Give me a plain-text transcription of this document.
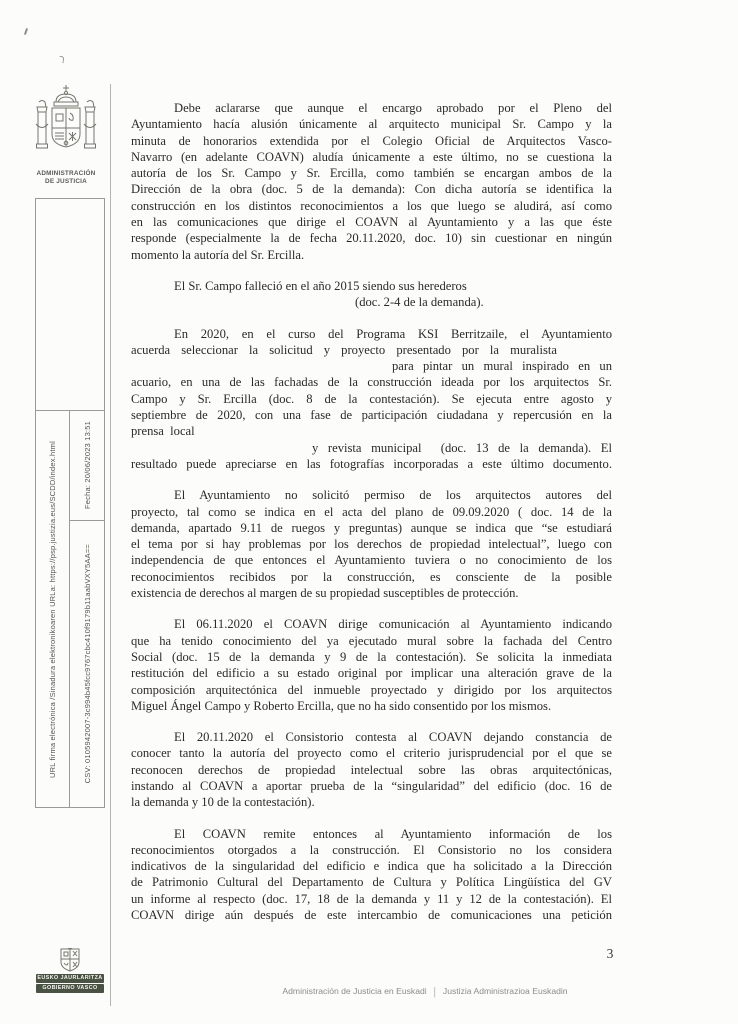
ADMINISTRACIÓN
DE JUSTICIA
URL firma electrónica /Sinadura elektronikoaren URLa: https://psp.justizia.eus/SCDD/index.html	Fecha: 20/06/2023 13:51
CSV: 0105942007-3c994b45fcc9767cbc410f9179b11aabVXY5AA==
EUSKO JAURLARITZA
GOBIERNO VASCO
Debe aclararse que aunque el encargo aprobado por el Pleno del
Ayuntamiento hacía alusión únicamente al arquitecto municipal Sr. Campo y la
minuta de honorarios extendida por el Colegio Oficial de Arquitectos Vasco-
Navarro (en adelante COAVN) aludía únicamente a este último, no se cuestiona la
autoría de los Sr. Campo y Sr. Ercilla, como también se encargan ambos de la
Dirección de la obra (doc. 5 de la demanda): Con dicha autoría se identifica la
construcción en los distintos reconocimientos a los que luego se aludirá, así como
en las comunicaciones que dirige el COAVN al Ayuntamiento y a las que éste
responde (especialmente la de fecha 20.11.2020, doc. 10) sin cuestionar en ningún
momento la autoría del Sr. Ercilla.
El Sr. Campo falleció en el año 2015 siendo sus herederos
(doc. 2-4 de la demanda).
En 2020, en el curso del Programa KSI Berritzaile, el Ayuntamiento
acuerda seleccionar la solicitud y proyecto presentado por la muralista
para pintar un mural inspirado en un
acuario, en una de las fachadas de la construcción ideada por los arquitectos Sr.
Campo y Sr. Ercilla (doc. 8 de la contestación). Se ejecuta entre agosto y
septiembre de 2020, con una fase de participación ciudadana y repercusión en la
prensa  local
y revista municipal  (doc. 13 de la demanda). El
resultado puede apreciarse en las fotografías incorporadas a este último documento.
El Ayuntamiento no solicitó permiso de los arquitectos autores del
proyecto, tal como se indica en el acta del plano de 09.09.2020 ( doc. 14 de la
demanda, apartado 9.11 de ruegos y preguntas) aunque se indica que “se estudiará
el tema por si hay problemas por los derechos de propiedad intelectual”, luego con
independencia de que entonces el Ayuntamiento tuviera o no conocimiento de los
reconocimientos recibidos por la construcción, es consciente de la posible
existencia de derechos al margen de su propiedad susceptibles de protección.
El 06.11.2020 el COAVN dirige comunicación al Ayuntamiento indicando
que ha tenido conocimiento del ya ejecutado mural sobre la fachada del Centro
Social (doc. 15 de la demanda y 9 de la contestación). Se solicita la inmediata
restitución del edificio a su estado original por implicar una alteración grave de la
composición arquitectónica del inmueble proyectado y dirigido por los arquitectos
Miguel Ángel Campo y Roberto Ercilla, que no ha sido consentido por los mismos.
El 20.11.2020 el Consistorio contesta al COAVN dejando constancia de
conocer tanto la autoría del proyecto como el criterio jurisprudencial por el que se
reconocen derechos de propiedad intelectual sobre las obras arquitectónicas,
instando al COAVN a aportar prueba de la “singularidad” del edificio (doc. 16 de
la demanda y 10 de la contestación).
El COAVN remite entonces al Ayuntamiento información de los
reconocimientos otorgados a la construcción. El Consistorio no los considera
indicativos de la singularidad del edificio e indica que ha solicitado a la Dirección
de Patrimonio Cultural del Departamento de Cultura y Política Lingüística del GV
un informe al respecto (doc. 17, 18 de la demanda y 11 y 12 de la contestación). El
COAVN dirige aún después de este intercambio de comunicaciones una petición
3
Administración de Justicia en Euskadi | Justizia Administrazioa Euskadin
